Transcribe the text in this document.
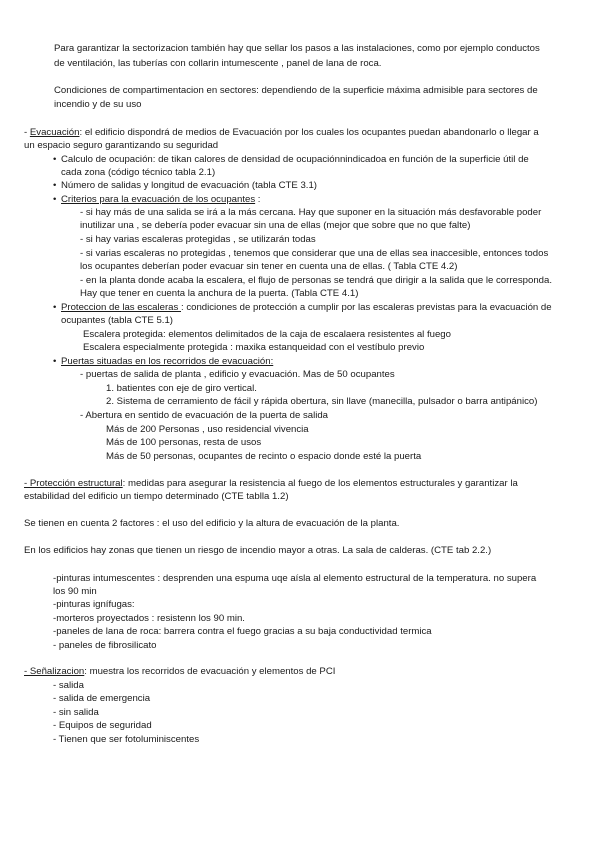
Para garantizar la sectorizacion también hay que sellar los pasos a las instalaciones, como por ejemplo conductos
de ventilación, las tuberías con collarin intumescente , panel de lana de roca.
Condiciones de compartimentacion en sectores: dependiendo de la superficie máxima admisible para sectores de
incendio y de su uso
- Evacuación: el edificio dispondrá de medios de Evacuación por los cuales los ocupantes puedan abandonarlo o llegar a
un espacio seguro garantizando su seguridad
• Calculo de ocupación: de tikan calores de densidad de ocupaciónnindicadoa en función de la superficie útil de
cada zona (código técnico tabla 2.1)
• Número de salidas y longitud de evacuación (tabla CTE 3.1)
• Criterios para la evacuación de los ocupantes :
- si hay más de una salida se irá a la más cercana. Hay que suponer en la situación más desfavorable poder
inutilizar una , se debería poder evacuar sin una de ellas (mejor que sobre que no que falte)
- si hay varias escaleras protegidas , se utilizarán todas
- si varias escaleras no protegidas , tenemos que considerar que una de ellas sea inaccesible, entonces todos
los ocupantes deberían poder evacuar sin tener en cuenta una de ellas. ( Tabla CTE 4.2)
- en la planta donde acaba la escalera, el flujo de personas se tendrá que dirigir a la salida que le corresponda.
Hay que tener en cuenta la anchura de la puerta. (Tabla CTE 4.1)
• Proteccion de las escaleras : condiciones de protección a cumplir por las escaleras previstas para la evacuación de
ocupantes (tabla CTE 5.1)
Escalera protegida: elementos delimitados de la caja de escalaera resistentes al fuego
Escalera especialmente protegida : maxika estanqueidad con el vestíbulo previo
• Puertas situadas en los recorridos de evacuación:
- puertas de salida de planta , edificio y evacuación. Mas de 50 ocupantes
1. batientes con eje de giro vertical.
2. Sistema de cerramiento de fácil y rápida obertura, sin llave (manecilla, pulsador o barra antipánico)
- Abertura en sentido de evacuación de la puerta de salida
Más de 200 Personas , uso residencial vivencia
Más de 100 personas, resta de usos
Más de 50 personas, ocupantes de recinto o espacio donde esté la puerta
- Protección estructural: medidas para asegurar la resistencia al fuego de los elementos estructurales y garantizar la
estabilidad del edificio un tiempo determinado (CTE tablla 1.2)
Se tienen en cuenta 2 factores : el uso del edificio y la altura de evacuación de la planta.
En los edificios hay zonas que tienen un riesgo de incendio mayor a otras. La sala de calderas. (CTE tab 2.2.)
-pinturas intumescentes : desprenden una espuma uqe aísla al elemento estructural de la temperatura. no supera
los 90 min
-pinturas ignífugas:
-morteros proyectados : resistenn los 90 min.
-paneles de lana de roca: barrera contra el fuego gracias a su baja conductividad termica
- paneles de fibrosilicato
- Señalizacion: muestra los recorridos de evacuación y elementos de PCI
- salida
- salida de emergencia
- sin salida
- Equipos de seguridad
- Tienen que ser fotoluminiscentes
